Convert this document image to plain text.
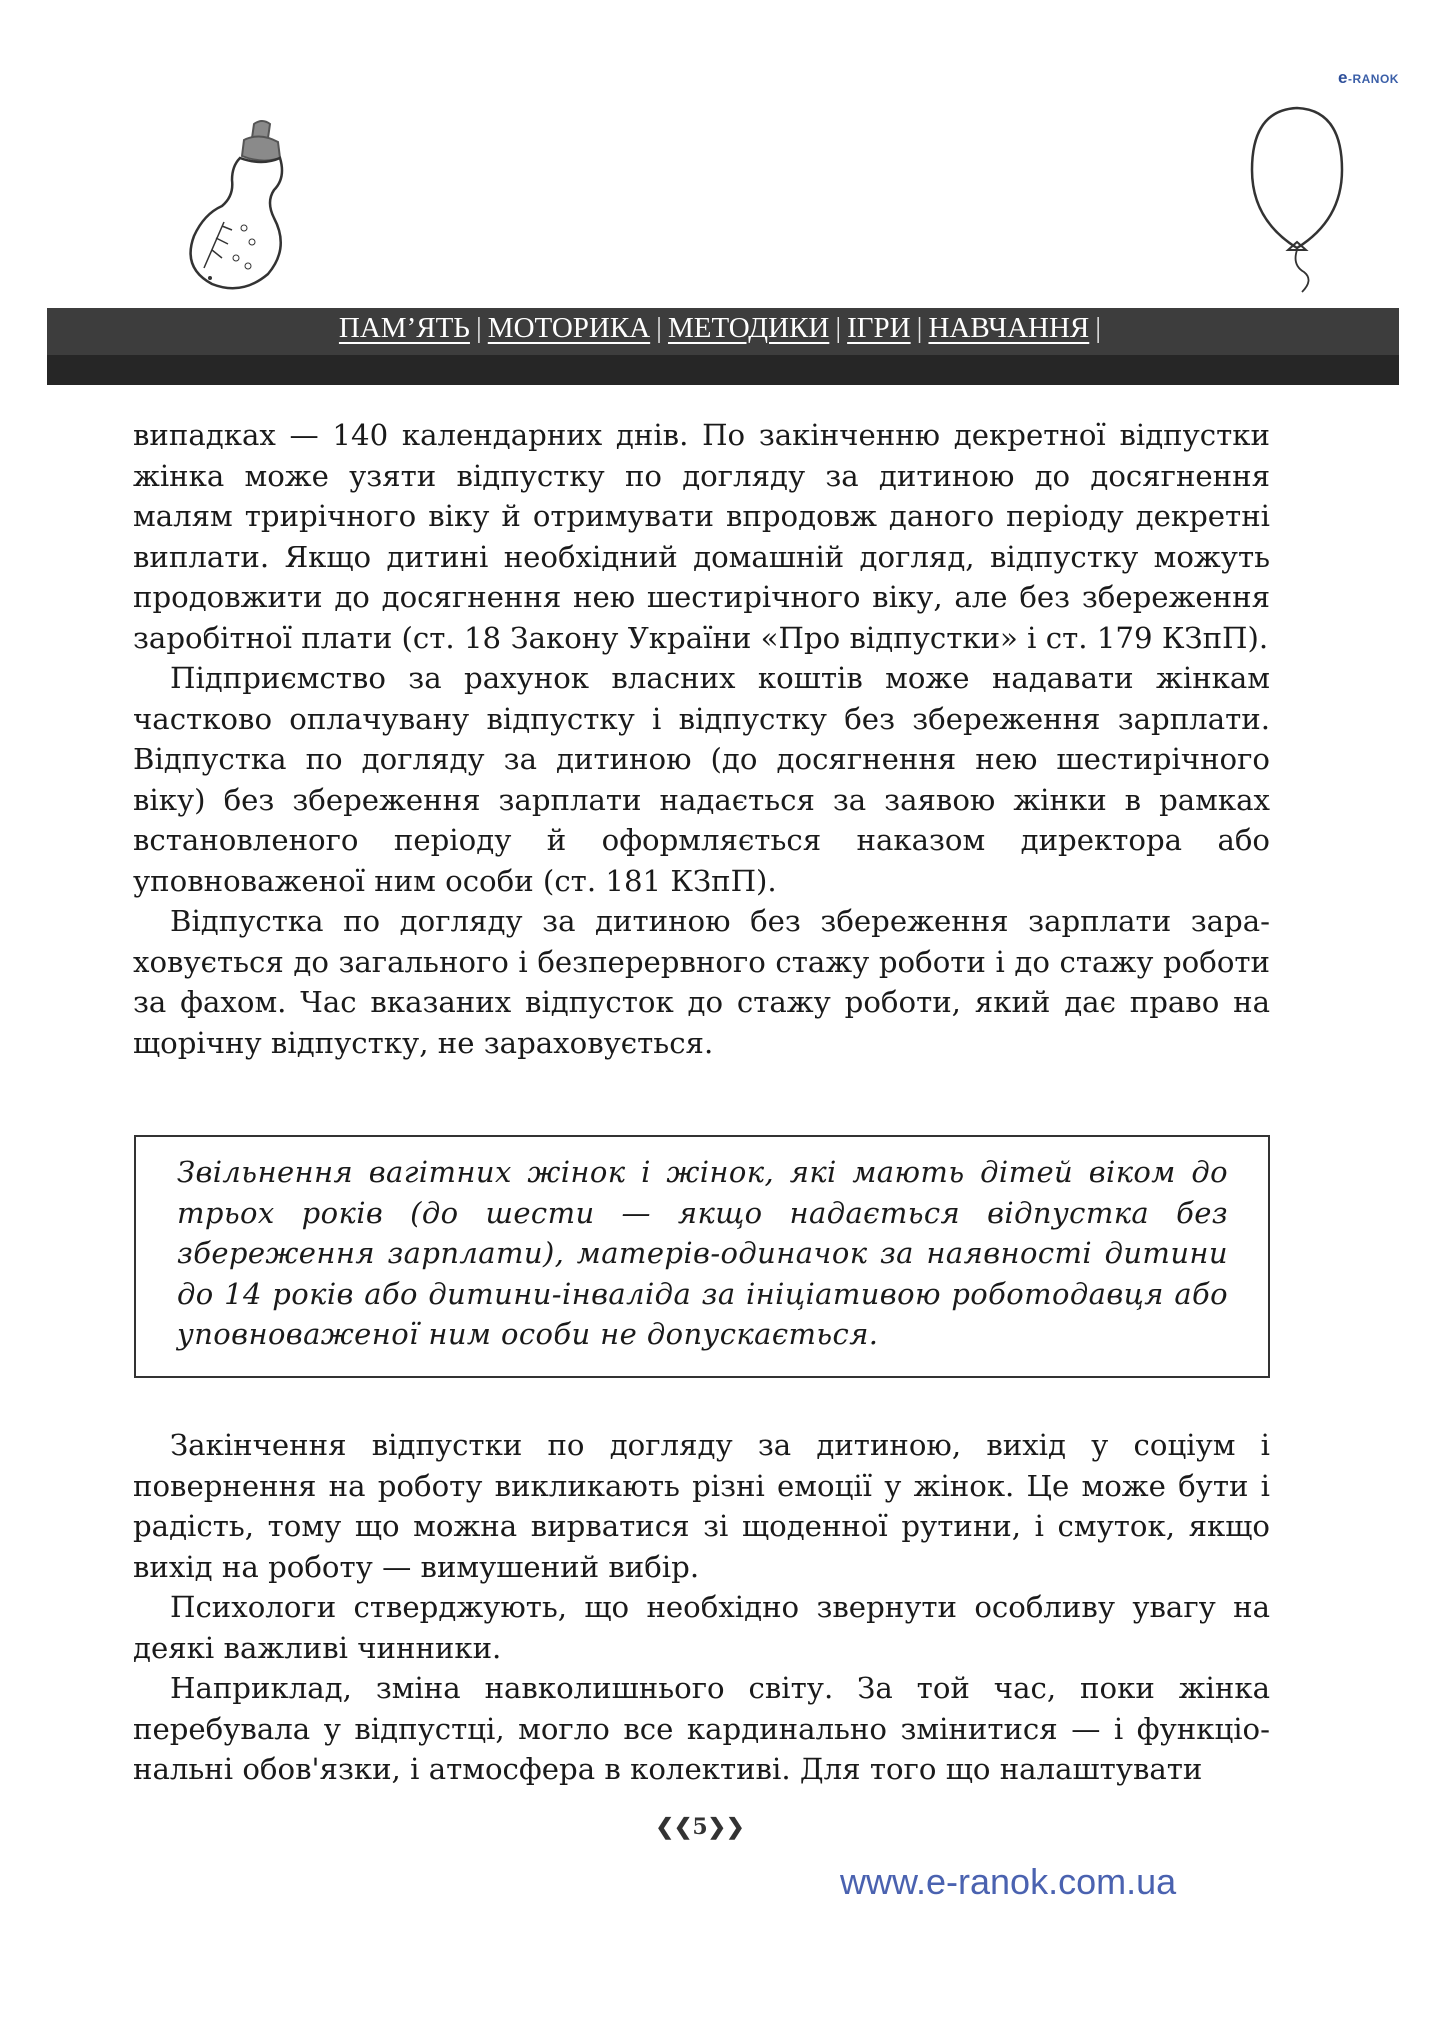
e-RANOK
ПАМ’ЯТЬ | МОТОРИКА | МЕТОДИКИ | ІГРИ | НАВЧАННЯ |

випадках — 140 календарних днів. По закінченню декретної відпустки жінка може узяти відпустку по догляду за дитиною до досягнення малям трирічного віку й отримувати впродовж даного періоду декретні виплати. Якщо дитині необхідний домашній догляд, відпустку можуть продовжити до досягнення нею шестирічного віку, але без збереження заробітної плати (ст. 18 Закону України «Про відпустки» і ст. 179 КЗпП).

Підприємство за рахунок власних коштів може надавати жінкам частково оплачувану відпустку і відпустку без збереження зарплати. Відпустка по догляду за дитиною (до досягнення нею шестирічного віку) без збереження зарплати надається за заявою жінки в рамках встановленого періоду й оформляється наказом директора або уповноваженої ним особи (ст. 181 КЗпП).

Відпустка по догляду за дитиною без збереження зарплати зараховується до загального і безперервного стажу роботи і до стажу роботи за фахом. Час вказаних відпусток до стажу роботи, який дає право на щорічну відпустку, не зараховується.

Звільнення вагітних жінок і жінок, які мають дітей віком до трьох років (до шести — якщо надається відпустка без збереження зарплати), матерів-одиначок за наявності дитини до 14 років або дитини-інваліда за ініціативою роботодавця або уповноваженої ним особи не допускається.

Закінчення відпустки по догляду за дитиною, вихід у соціум і повернення на роботу викликають різні емоції у жінок. Це може бути і радість, тому що можна вирватися зі щоденної рутини, і смуток, якщо вихід на роботу — вимушений вибір.

Психологи стверджують, що необхідно звернути особливу увагу на деякі важливі чинники.

Наприклад, зміна навколишнього світу. За той час, поки жінка перебувала у відпустці, могло все кардинально змінитися — і функціональні обов'язки, і атмосфера в колективі. Для того що налаштувати

❮❮5❯❯
www.e-ranok.com.ua
